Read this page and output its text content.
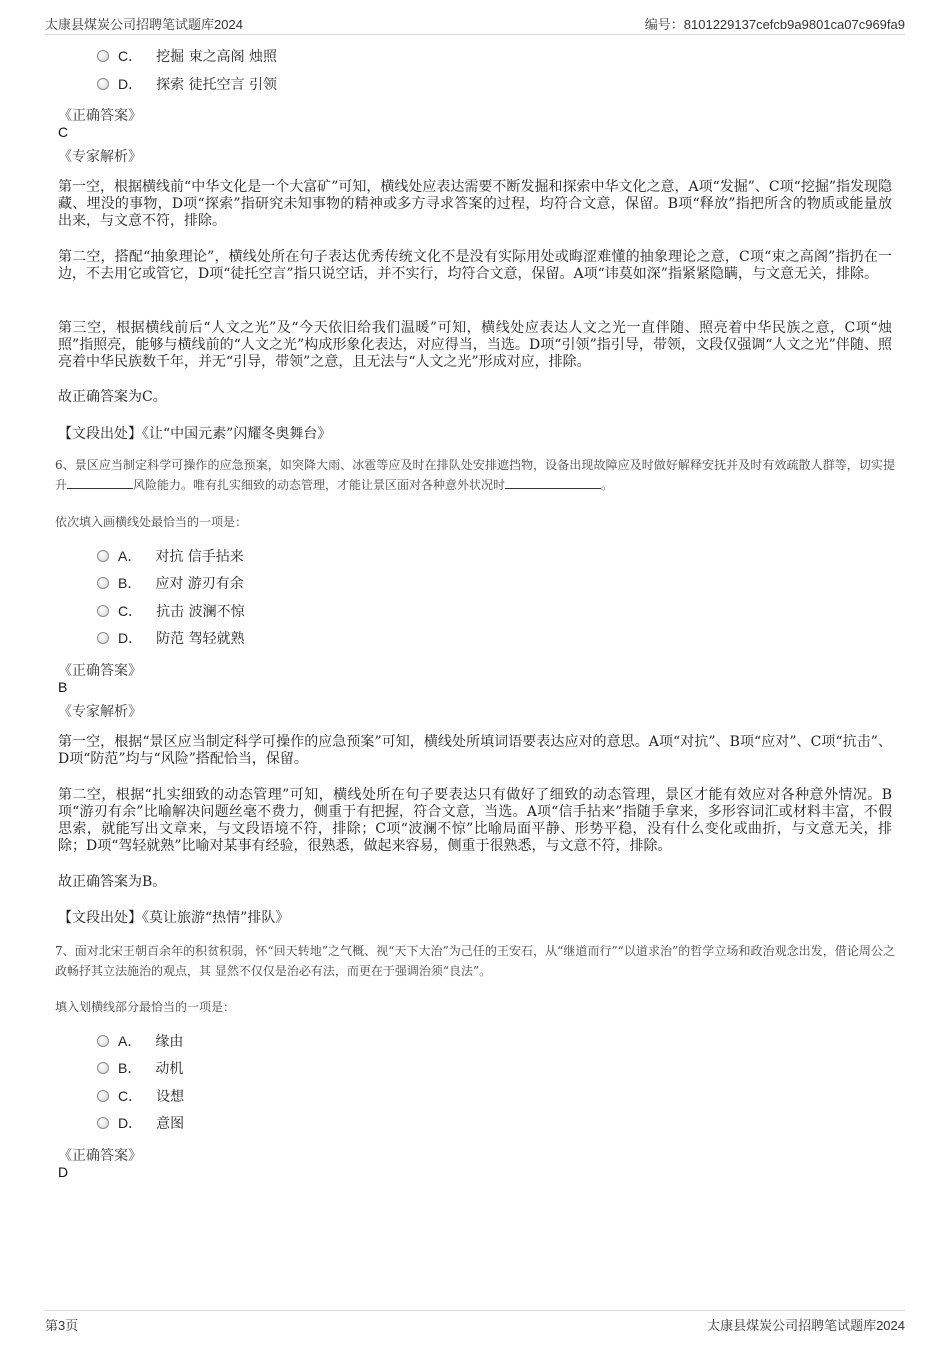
太康县煤炭公司招聘笔试题库2024	编号：8101229137cefcb9a9801ca07c969fa9
C． 挖掘 束之高阁 烛照
D． 探索 徒托空言 引领
《正确答案》
C
《专家解析》
第一空，根据横线前“中华文化是一个大富矿”可知，横线处应表达需要不断发掘和探索中华文化之意，A项“发掘”、C项“挖掘”指发现隐藏、埋没的事物，D项“探索”指研究未知事物的精神或多方寻求答案的过程，均符合文意，保留。B项“释放”指把所含的物质或能量放出来，与文意不符，排除。
第二空，搭配“抽象理论”，横线处所在句子表达优秀传统文化不是没有实际用处或晦涩难懂的抽象理论之意，C项“束之高阁”指扔在一边，不去用它或管它，D项“徒托空言”指只说空话，并不实行，均符合文意，保留。A项“讳莫如深”指紧紧隐瞒，与文意无关，排除。
第三空，根据横线前后“人文之光”及“今天依旧给我们温暖”可知，横线处应表达人文之光一直伴随、照亮着中华民族之意，C项“烛照”指照亮，能够与横线前的“人文之光”构成形象化表达，对应得当，当选。D项“引领”指引导，带领，文段仅强调“人文之光”伴随、照亮着中华民族数千年，并无“引导，带领”之意，且无法与“人文之光”形成对应，排除。
故正确答案为C。
【文段出处】《让“中国元素”闪耀冬奥舞台》
6、景区应当制定科学可操作的应急预案，如突降大雨、冰雹等应及时在排队处安排遮挡物，设备出现故障应及时做好解释安抚并及时有效疏散人群等，切实提升	风险能力。唯有扎实细致的动态管理，才能让景区面对各种意外状况时	。
依次填入画横线处最恰当的一项是：
A． 对抗 信手拈来
B． 应对 游刃有余
C． 抗击 波澜不惊
D． 防范 驾轻就熟
《正确答案》
B
《专家解析》
第一空，根据“景区应当制定科学可操作的应急预案”可知，横线处所填词语要表达应对的意思。A项“对抗”、B项“应对”、C项“抗击”、D项“防范”均与“风险”搭配恰当，保留。
第二空，根据“扎实细致的动态管理”可知，横线处所在句子要表达只有做好了细致的动态管理，景区才能有效应对各种意外情况。B项“游刃有余”比喻解决问题丝毫不费力，侧重于有把握，符合文意，当选。A项“信手拈来”指随手拿来，多形容词汇或材料丰富，不假思索，就能写出文章来，与文段语境不符，排除；C项“波澜不惊”比喻局面平静、形势平稳，没有什么变化或曲折，与文意无关，排除；D项“驾轻就熟”比喻对某事有经验，很熟悉，做起来容易，侧重于很熟悉，与文意不符，排除。
故正确答案为B。
【文段出处】《莫让旅游“热情”排队》
7、面对北宋王朝百余年的积贫积弱，怀“回天转地”之气概、视“天下大治”为己任的王安石，从“继道而行”“以道求治”的哲学立场和政治观念出发，借论周公之政畅抒其立法施治的观点，其 显然不仅仅是治必有法，而更在于强调治须“良法”。
填入划横线部分最恰当的一项是：
A． 缘由
B． 动机
C． 设想
D． 意图
《正确答案》
D
第3页	太康县煤炭公司招聘笔试题库2024
